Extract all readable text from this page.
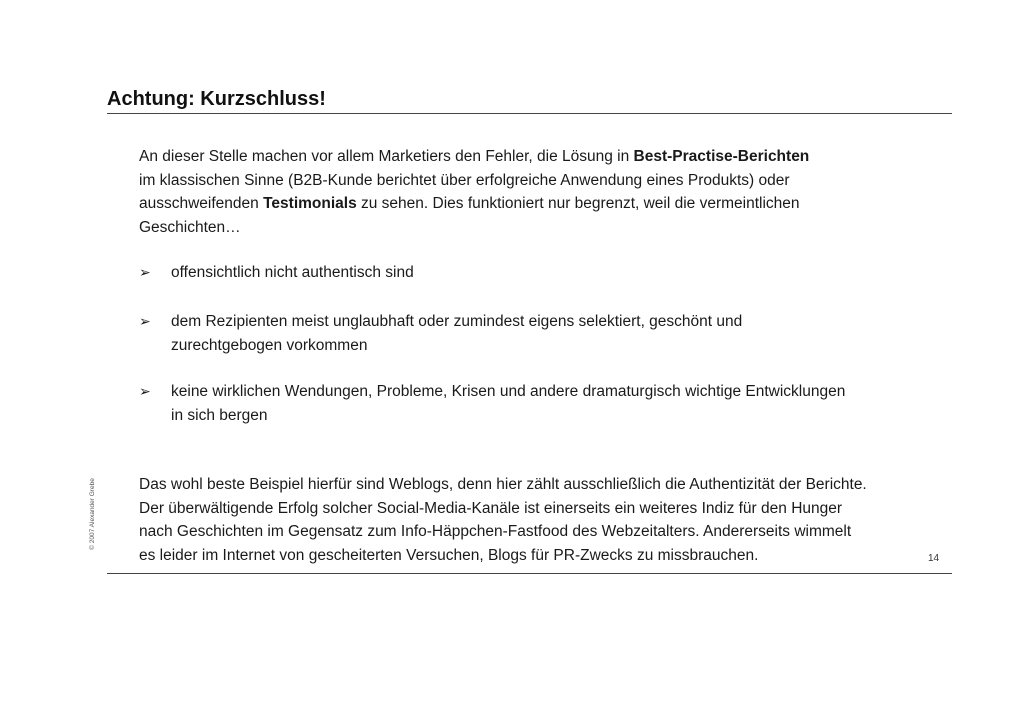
Achtung: Kurzschluss!

An dieser Stelle machen vor allem Marketiers den Fehler, die Lösung in Best-Practise-Berichten

im klassischen Sinne (B2B-Kunde berichtet über erfolgreiche Anwendung eines Produkts) oder

ausschweifenden Testimonials zu sehen. Dies funktioniert nur begrenzt, weil die vermeintlichen

Geschichten…

➢ offensichtlich nicht authentisch sind
➢ dem Rezipienten meist unglaubhaft oder zumindest eigens selektiert, geschönt und
zurechtgebogen vorkommen
➢ keine wirklichen Wendungen, Probleme, Krisen und andere dramaturgisch wichtige Entwicklungen
in sich bergen
Das wohl beste Beispiel hierfür sind Weblogs, denn hier zählt ausschließlich die Authentizität der Berichte.
Der überwältigende Erfolg solcher Social-Media-Kanäle ist einerseits ein weiteres Indiz für den Hunger
nach Geschichten im Gegensatz zum Info-Häppchen-Fastfood des Webzeitalters. Andererseits wimmelt
es leider im Internet von gescheiterten Versuchen, Blogs für PR-Zwecks zu missbrauchen.	14
© 2007 Alexander Grebe
